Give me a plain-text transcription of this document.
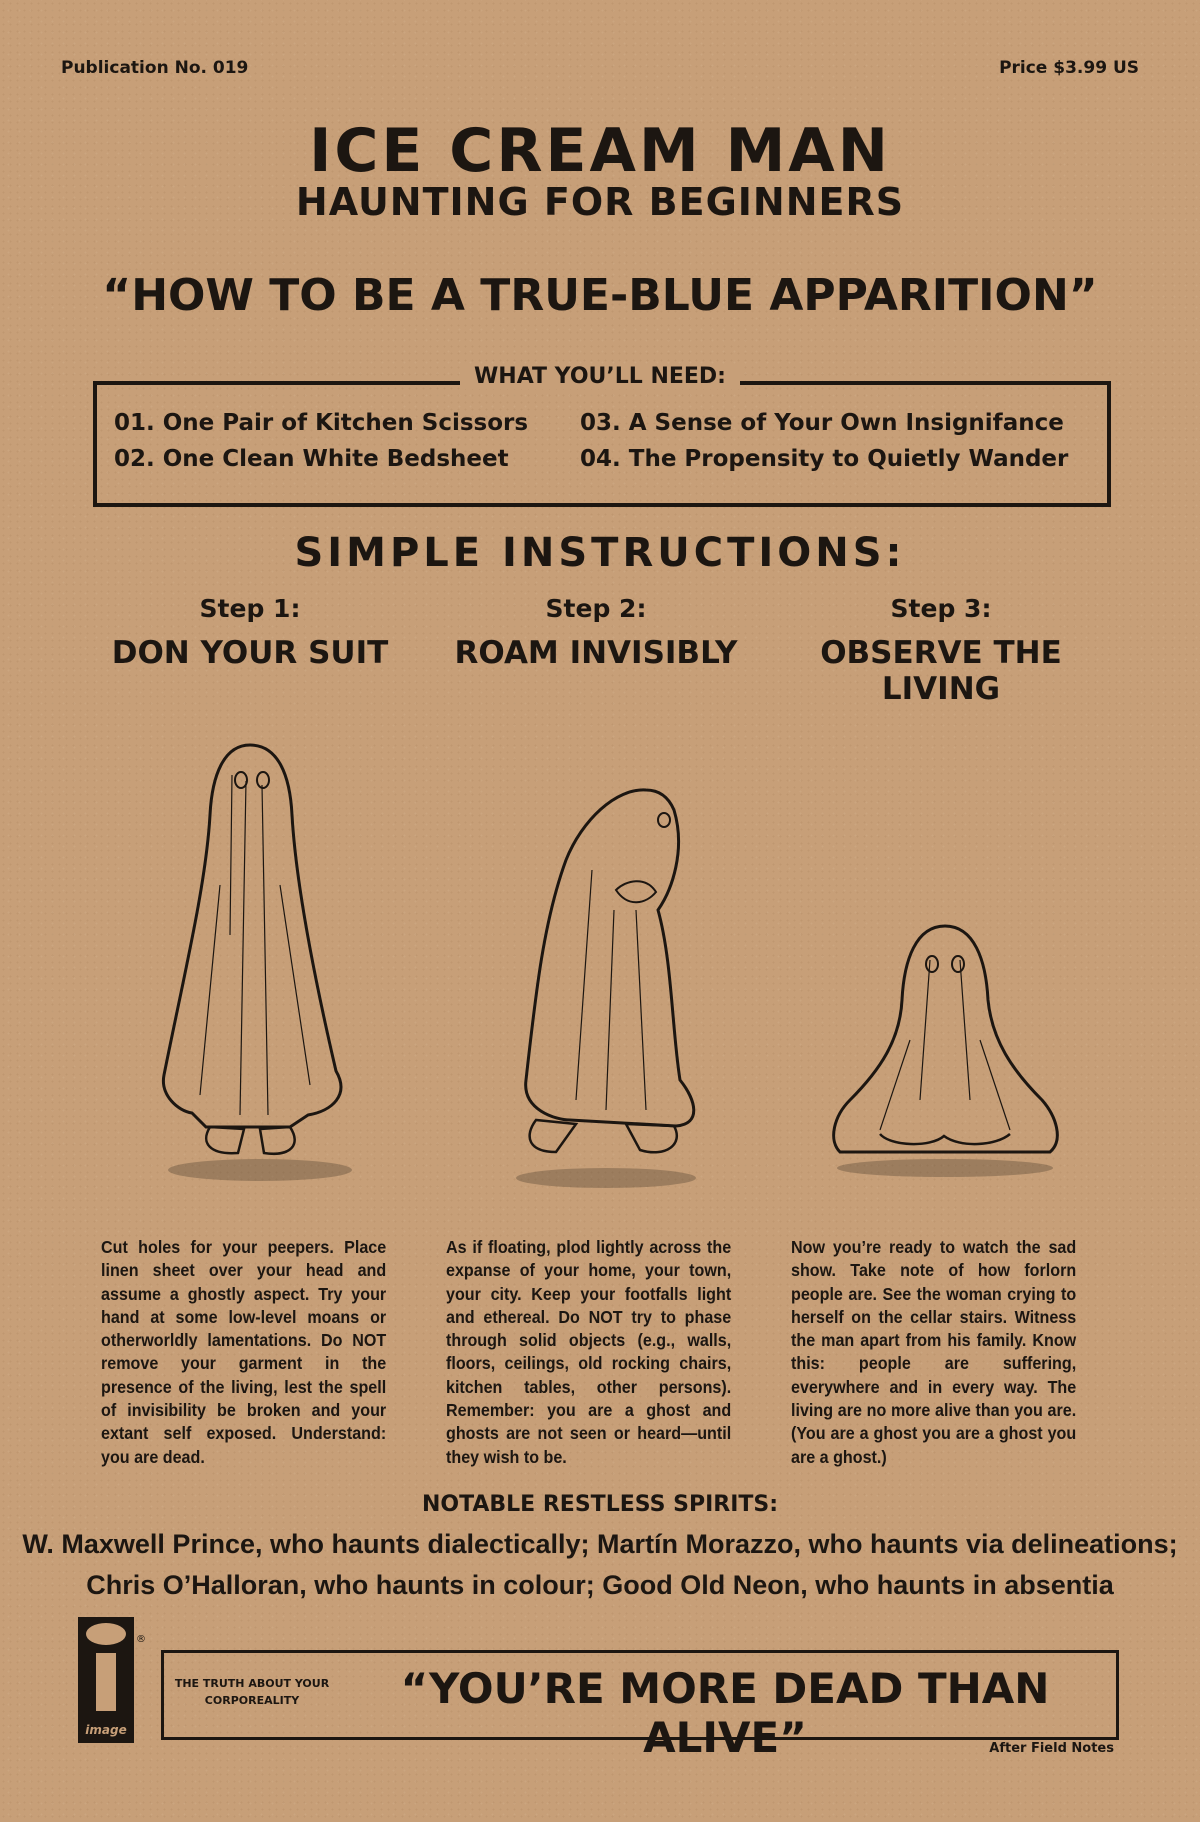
Publication No. 019	Price $3.99 US
ICE CREAM MAN
HAUNTING FOR BEGINNERS
“HOW TO BE A TRUE-BLUE APPARITION”
WHAT YOU’LL NEED:
01. One Pair of Kitchen Scissors
02. One Clean White Bedsheet
03. A Sense of Your Own Insignifance
04. The Propensity to Quietly Wander
SIMPLE INSTRUCTIONS:
Step 1:
DON YOUR SUIT
Step 2:
ROAM INVISIBLY
Step 3:
OBSERVE THE LIVING
Cut holes for your peepers. Place linen sheet over your head and assume a ghostly aspect. Try your hand at some low-level moans or otherworldly lamentations. Do NOT remove your garment in the presence of the living, lest the spell of invisibility be broken and your extant self exposed. Understand: you are dead.
As if floating, plod lightly across the expanse of your home, your town, your city. Keep your footfalls light and ethereal. Do NOT try to phase through solid objects (e.g., walls, floors, ceilings, old rocking chairs, kitchen tables, other persons). Remember: you are a ghost and ghosts are not seen or heard—until they wish to be.
Now you’re ready to watch the sad show. Take note of how forlorn people are. See the woman crying to herself on the cellar stairs. Witness the man apart from his family. Know this: people are suffering, everywhere and in every way. The living are no more alive than you are. (You are a ghost you are a ghost you are a ghost.)
NOTABLE RESTLESS SPIRITS:
W. Maxwell Prince, who haunts dialectically; Martín Morazzo, who haunts via delineations;
Chris O’Halloran, who haunts in colour; Good Old Neon, who haunts in absentia
image
®
THE TRUTH ABOUT YOUR
CORPOREALITY	“YOU’RE MORE DEAD THAN ALIVE”	After Field Notes
